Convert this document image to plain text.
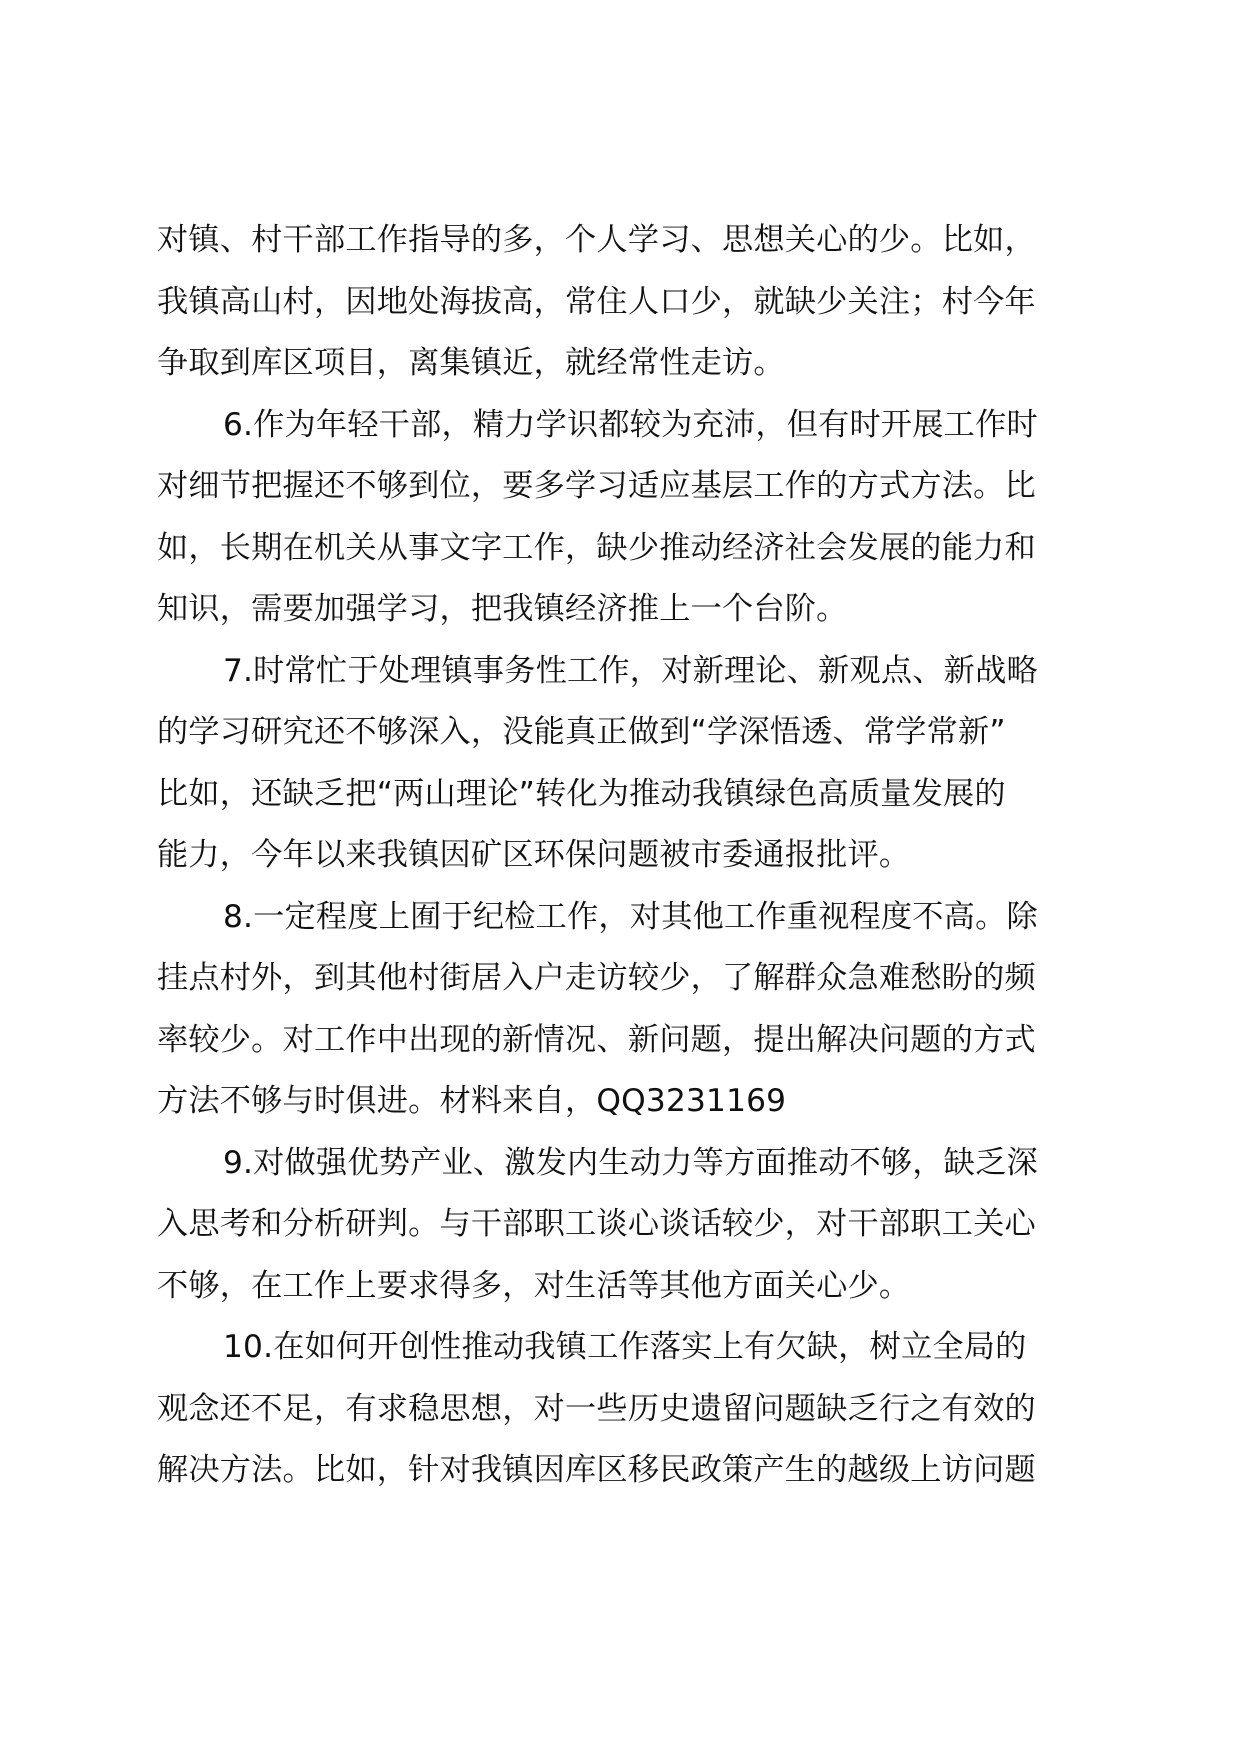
对镇、村干部工作指导的多，个人学习、思想关心的少。比如，
我镇高山村，因地处海拔高，常住人口少，就缺少关注；村今年
争取到库区项目，离集镇近，就经常性走访。
6.作为年轻干部，精力学识都较为充沛，但有时开展工作时
对细节把握还不够到位，要多学习适应基层工作的方式方法。比
如，长期在机关从事文字工作，缺少推动经济社会发展的能力和
知识，需要加强学习，把我镇经济推上一个台阶。
7.时常忙于处理镇事务性工作，对新理论、新观点、新战略
的学习研究还不够深入，没能真正做到“学深悟透、常学常新”
比如，还缺乏把“两山理论”转化为推动我镇绿色高质量发展的
能力，今年以来我镇因矿区环保问题被市委通报批评。
8.一定程度上囿于纪检工作，对其他工作重视程度不高。除
挂点村外，到其他村街居入户走访较少，了解群众急难愁盼的频
率较少。对工作中出现的新情况、新问题，提出解决问题的方式
方法不够与时俱进。材料来自，QQ3231169
9.对做强优势产业、激发内生动力等方面推动不够，缺乏深
入思考和分析研判。与干部职工谈心谈话较少，对干部职工关心
不够，在工作上要求得多，对生活等其他方面关心少。
10.在如何开创性推动我镇工作落实上有欠缺，树立全局的
观念还不足，有求稳思想，对一些历史遗留问题缺乏行之有效的
解决方法。比如，针对我镇因库区移民政策产生的越级上访问题
